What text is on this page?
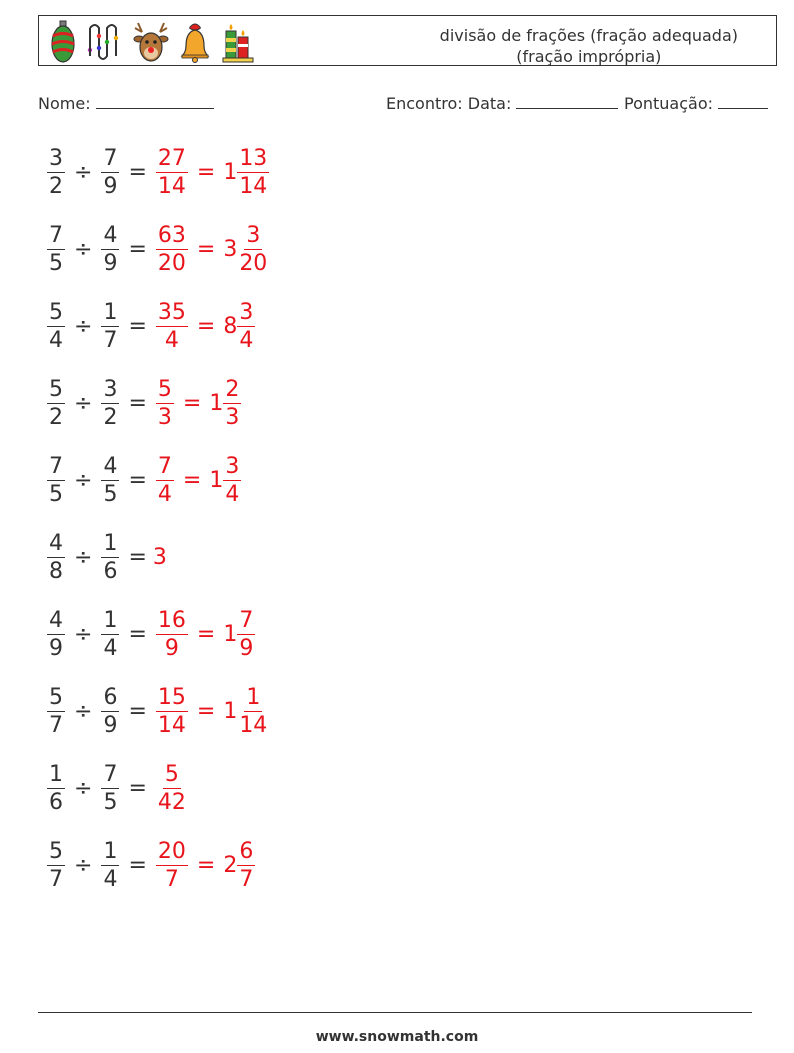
divisão de frações (fração adequada)
(fração imprópria)
Nome:	Encontro: Data:	Pontuação:
$\frac{3}{2} \div \frac{7}{9} = \frac{27}{14} = 1 \frac{13}{14}$
$\frac{7}{5} \div \frac{4}{9} = \frac{63}{20} = 3 \frac{3}{20}$
$\frac{5}{4} \div \frac{1}{7} = \frac{35}{4} = 8 \frac{3}{4}$
$\frac{5}{2} \div \frac{3}{2} = \frac{5}{3} = 1 \frac{2}{3}$
$\frac{7}{5} \div \frac{4}{5} = \frac{7}{4} = 1 \frac{3}{4}$
$\frac{4}{8} \div \frac{1}{6} = 3$
$\frac{4}{9} \div \frac{1}{4} = \frac{16}{9} = 1 \frac{7}{9}$
$\frac{5}{7} \div \frac{6}{9} = \frac{15}{14} = 1 \frac{1}{14}$
$\frac{1}{6} \div \frac{7}{5} = \frac{5}{42}$
$\frac{5}{7} \div \frac{1}{4} = \frac{20}{7} = 2 \frac{6}{7}$
www.snowmath.com
